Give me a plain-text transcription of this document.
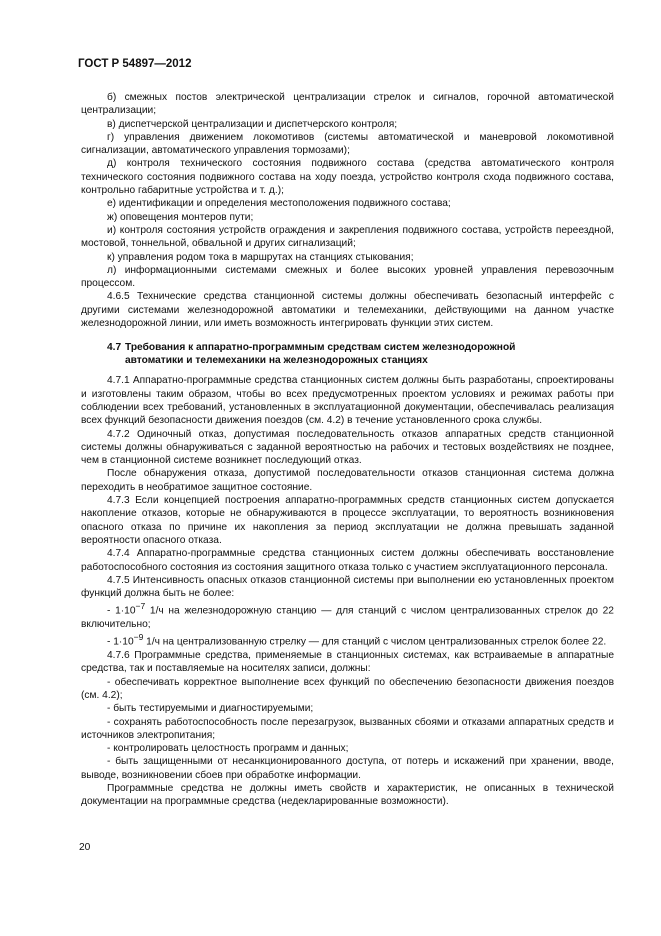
ГОСТ Р 54897—2012

б) смежных постов электрической централизации стрелок и сигналов, горочной автоматической централизации;

в) диспетчерской централизации и диспетчерского контроля;

г) управления движением локомотивов (системы автоматической и маневровой локомотивной сигнализации, автоматического управления тормозами);

д) контроля технического состояния подвижного состава (средства автоматического контроля технического состояния подвижного состава на ходу поезда, устройство контроля схода подвижного состава, контрольно габаритные устройства и т. д.);

е) идентификации и определения местоположения подвижного состава;

ж) оповещения монтеров пути;

и) контроля состояния устройств ограждения и закрепления подвижного состава, устройств переездной, мостовой, тоннельной, обвальной и других сигнализаций;

к) управления родом тока в маршрутах на станциях стыкования;

л) информационными системами смежных и более высоких уровней управления перевозочным процессом.

4.6.5 Технические средства станционной системы должны обеспечивать безопасный интерфейс с другими системами железнодорожной автоматики и телемеханики, действующими на данном участке железнодорожной линии, или иметь возможность интегрировать функции этих систем.

4.7 Требования к аппаратно-программным средствам систем железнодорожной
автоматики и телемеханики на железнодорожных станциях

4.7.1 Аппаратно-программные средства станционных систем должны быть разработаны, спроектированы и изготовлены таким образом, чтобы во всех предусмотренных проектом условиях и режимах работы при соблюдении всех требований, установленных в эксплуатационной документации, обеспечивалась реализация всех функций безопасности движения поездов (см. 4.2) в течение установленного срока службы.

4.7.2 Одиночный отказ, допустимая последовательность отказов аппаратных средств станционной системы должны обнаруживаться с заданной вероятностью на рабочих и тестовых воздействиях не позднее, чем в станционной системе возникнет последующий отказ.

После обнаружения отказа, допустимой последовательности отказов станционная система должна переходить в необратимое защитное состояние.

4.7.3 Если концепцией построения аппаратно-программных средств станционных систем допускается накопление отказов, которые не обнаруживаются в процессе эксплуатации, то вероятность возникновения опасного отказа по причине их накопления за период эксплуатации не должна превышать заданной вероятности опасного отказа.

4.7.4 Аппаратно-программные средства станционных систем должны обеспечивать восстановление работоспособного состояния из состояния защитного отказа только с участием эксплуатационного персонала.

4.7.5 Интенсивность опасных отказов станционной системы при выполнении ею установленных проектом функций должна быть не более:

- $1\cdot 10^{-7}$ 1/ч на железнодорожную станцию — для станций с числом централизованных стрелок до 22 включительно;

- $1\cdot 10^{-9}$ 1/ч на централизованную стрелку — для станций с числом централизованных стрелок более 22.

4.7.6 Программные средства, применяемые в станционных системах, как встраиваемые в аппаратные средства, так и поставляемые на носителях записи, должны:

- обеспечивать корректное выполнение всех функций по обеспечению безопасности движения поездов (см. 4.2);

- быть тестируемыми и диагностируемыми;

- сохранять работоспособность после перезагрузок, вызванных сбоями и отказами аппаратных средств и источников электропитания;

- контролировать целостность программ и данных;

- быть защищенными от несанкционированного доступа, от потерь и искажений при хранении, вводе, выводе, возникновении сбоев при обработке информации.

Программные средства не должны иметь свойств и характеристик, не описанных в технической документации на программные средства (недекларированные возможности).

20
